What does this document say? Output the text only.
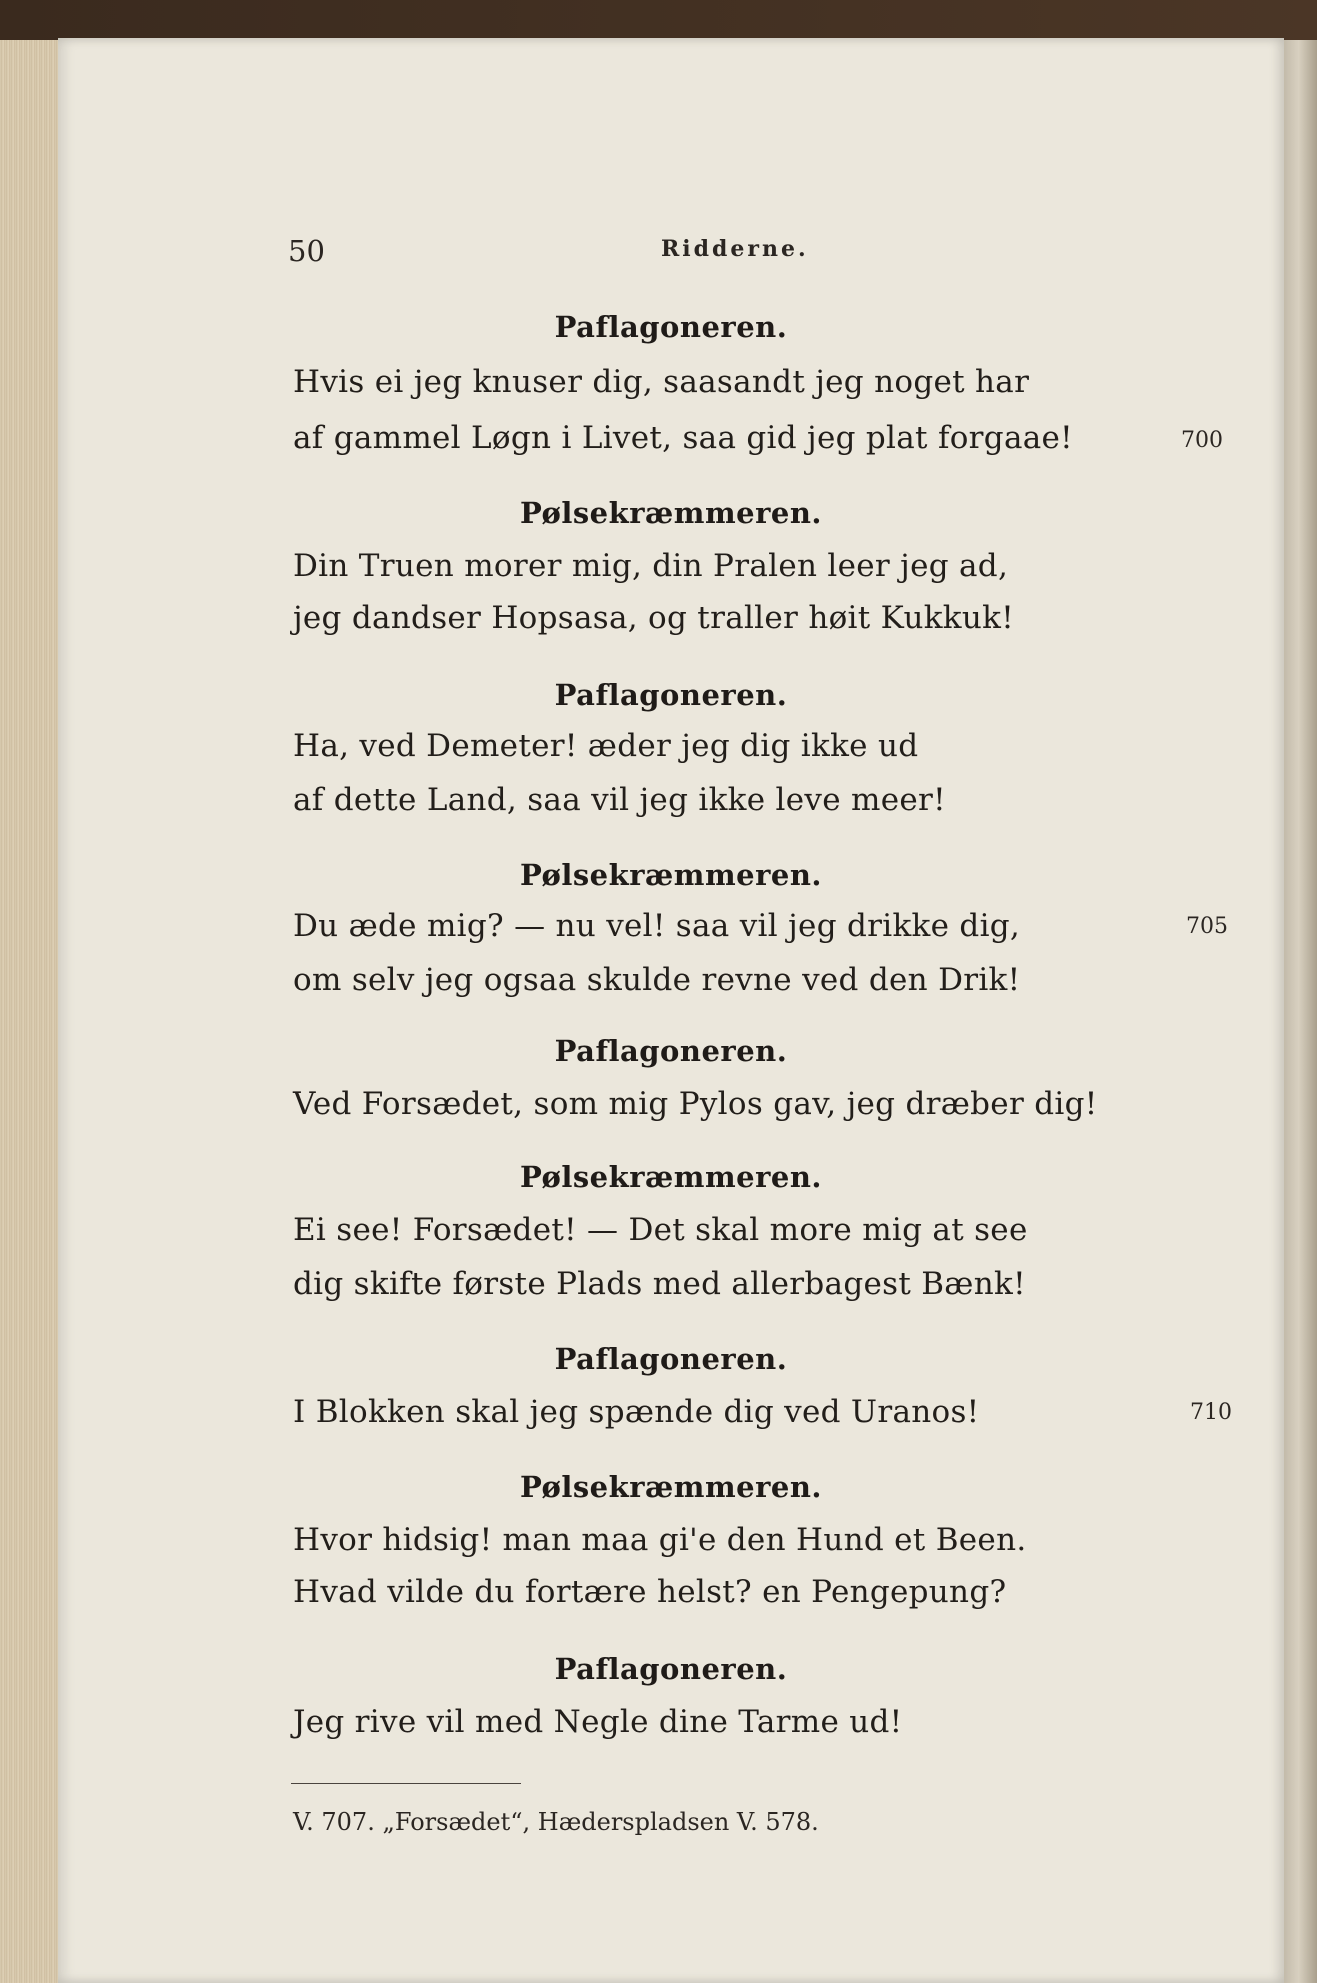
50	Ridderne.
Paflagoneren.
Hvis ei jeg knuser dig, saasandt jeg noget har
af gammel Løgn i Livet, saa gid jeg plat forgaae!	700
Pølsekræmmeren.
Din Truen morer mig, din Pralen leer jeg ad,
jeg dandser Hopsasa, og traller høit Kukkuk!
Paflagoneren.
Ha, ved Demeter! æder jeg dig ikke ud
af dette Land, saa vil jeg ikke leve meer!
Pølsekræmmeren.
Du æde mig? — nu vel! saa vil jeg drikke dig,	705
om selv jeg ogsaa skulde revne ved den Drik!
Paflagoneren.
Ved Forsædet, som mig Pylos gav, jeg dræber dig!
Pølsekræmmeren.
Ei see! Forsædet! — Det skal more mig at see
dig skifte første Plads med allerbagest Bænk!
Paflagoneren.
I Blokken skal jeg spænde dig ved Uranos!	710
Pølsekræmmeren.
Hvor hidsig! man maa gi'e den Hund et Been.
Hvad vilde du fortære helst? en Pengepung?
Paflagoneren.
Jeg rive vil med Negle dine Tarme ud!
V. 707. „Forsædet“, Hæderspladsen V. 578.
